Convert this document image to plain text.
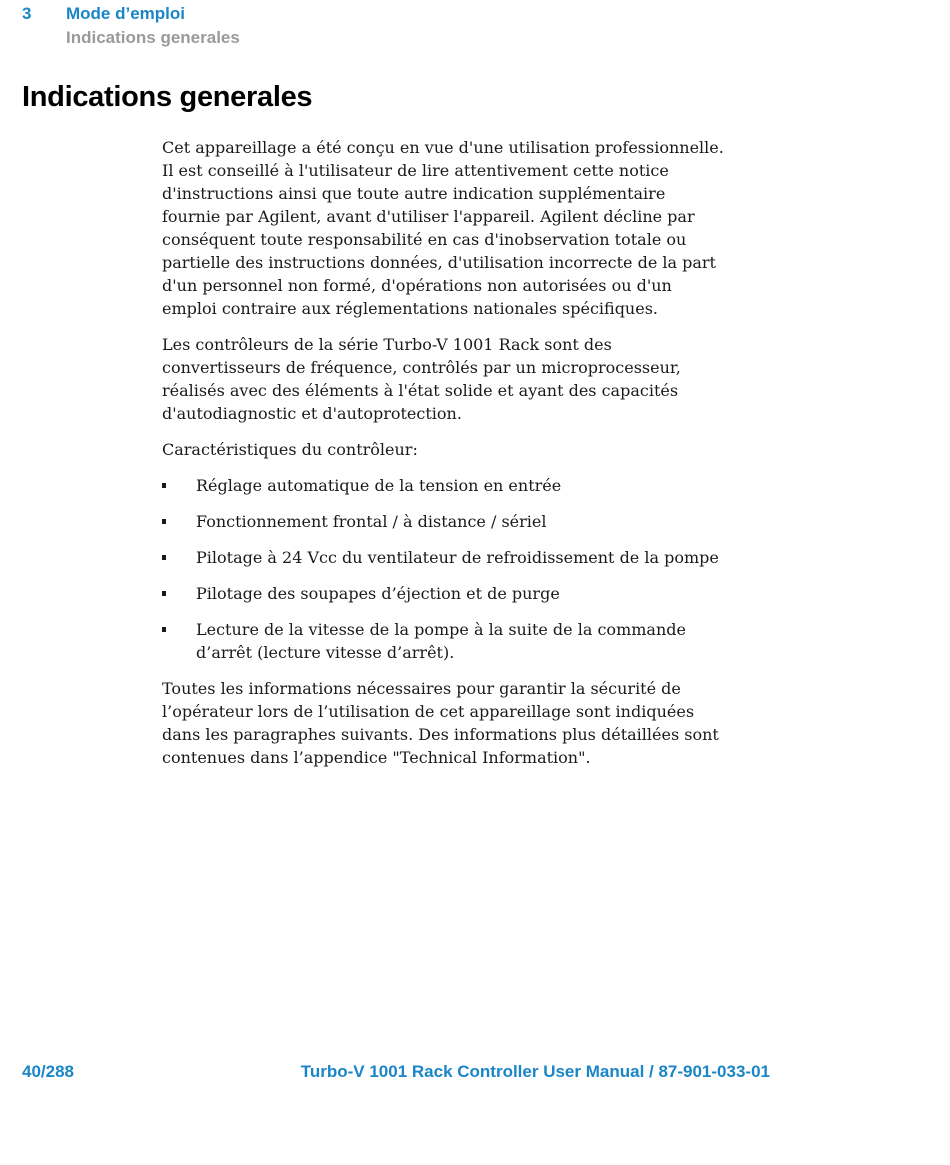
3	Mode d’emploi
Indications generales
Indications generales

Cet appareillage a été conçu en vue d'une utilisation professionnelle.
Il est conseillé à l'utilisateur de lire attentivement cette notice
d'instructions ainsi que toute autre indication supplémentaire
fournie par Agilent, avant d'utiliser l'appareil. Agilent décline par
conséquent toute responsabilité en cas d'inobservation totale ou
partielle des instructions données, d'utilisation incorrecte de la part
d'un personnel non formé, d'opérations non autorisées ou d'un
emploi contraire aux réglementations nationales spécifiques.

Les contrôleurs de la série Turbo-V 1001 Rack sont des
convertisseurs de fréquence, contrôlés par un microprocesseur,
réalisés avec des éléments à l'état solide et ayant des capacités
d'autodiagnostic et d'autoprotection.

Caractéristiques du contrôleur:

Réglage automatique de la tension en entrée
Fonctionnement frontal / à distance / sériel
Pilotage à 24 Vcc du ventilateur de refroidissement de la pompe
Pilotage des soupapes d’éjection et de purge
Lecture de la vitesse de la pompe à la suite de la commande
d’arrêt (lecture vitesse d’arrêt).

Toutes les informations nécessaires pour garantir la sécurité de
l’opérateur lors de l’utilisation de cet appareillage sont indiquées
dans les paragraphes suivants. Des informations plus détaillées sont
contenues dans l’appendice "Technical Information".

40/288	Turbo-V 1001 Rack Controller User Manual / 87-901-033-01
